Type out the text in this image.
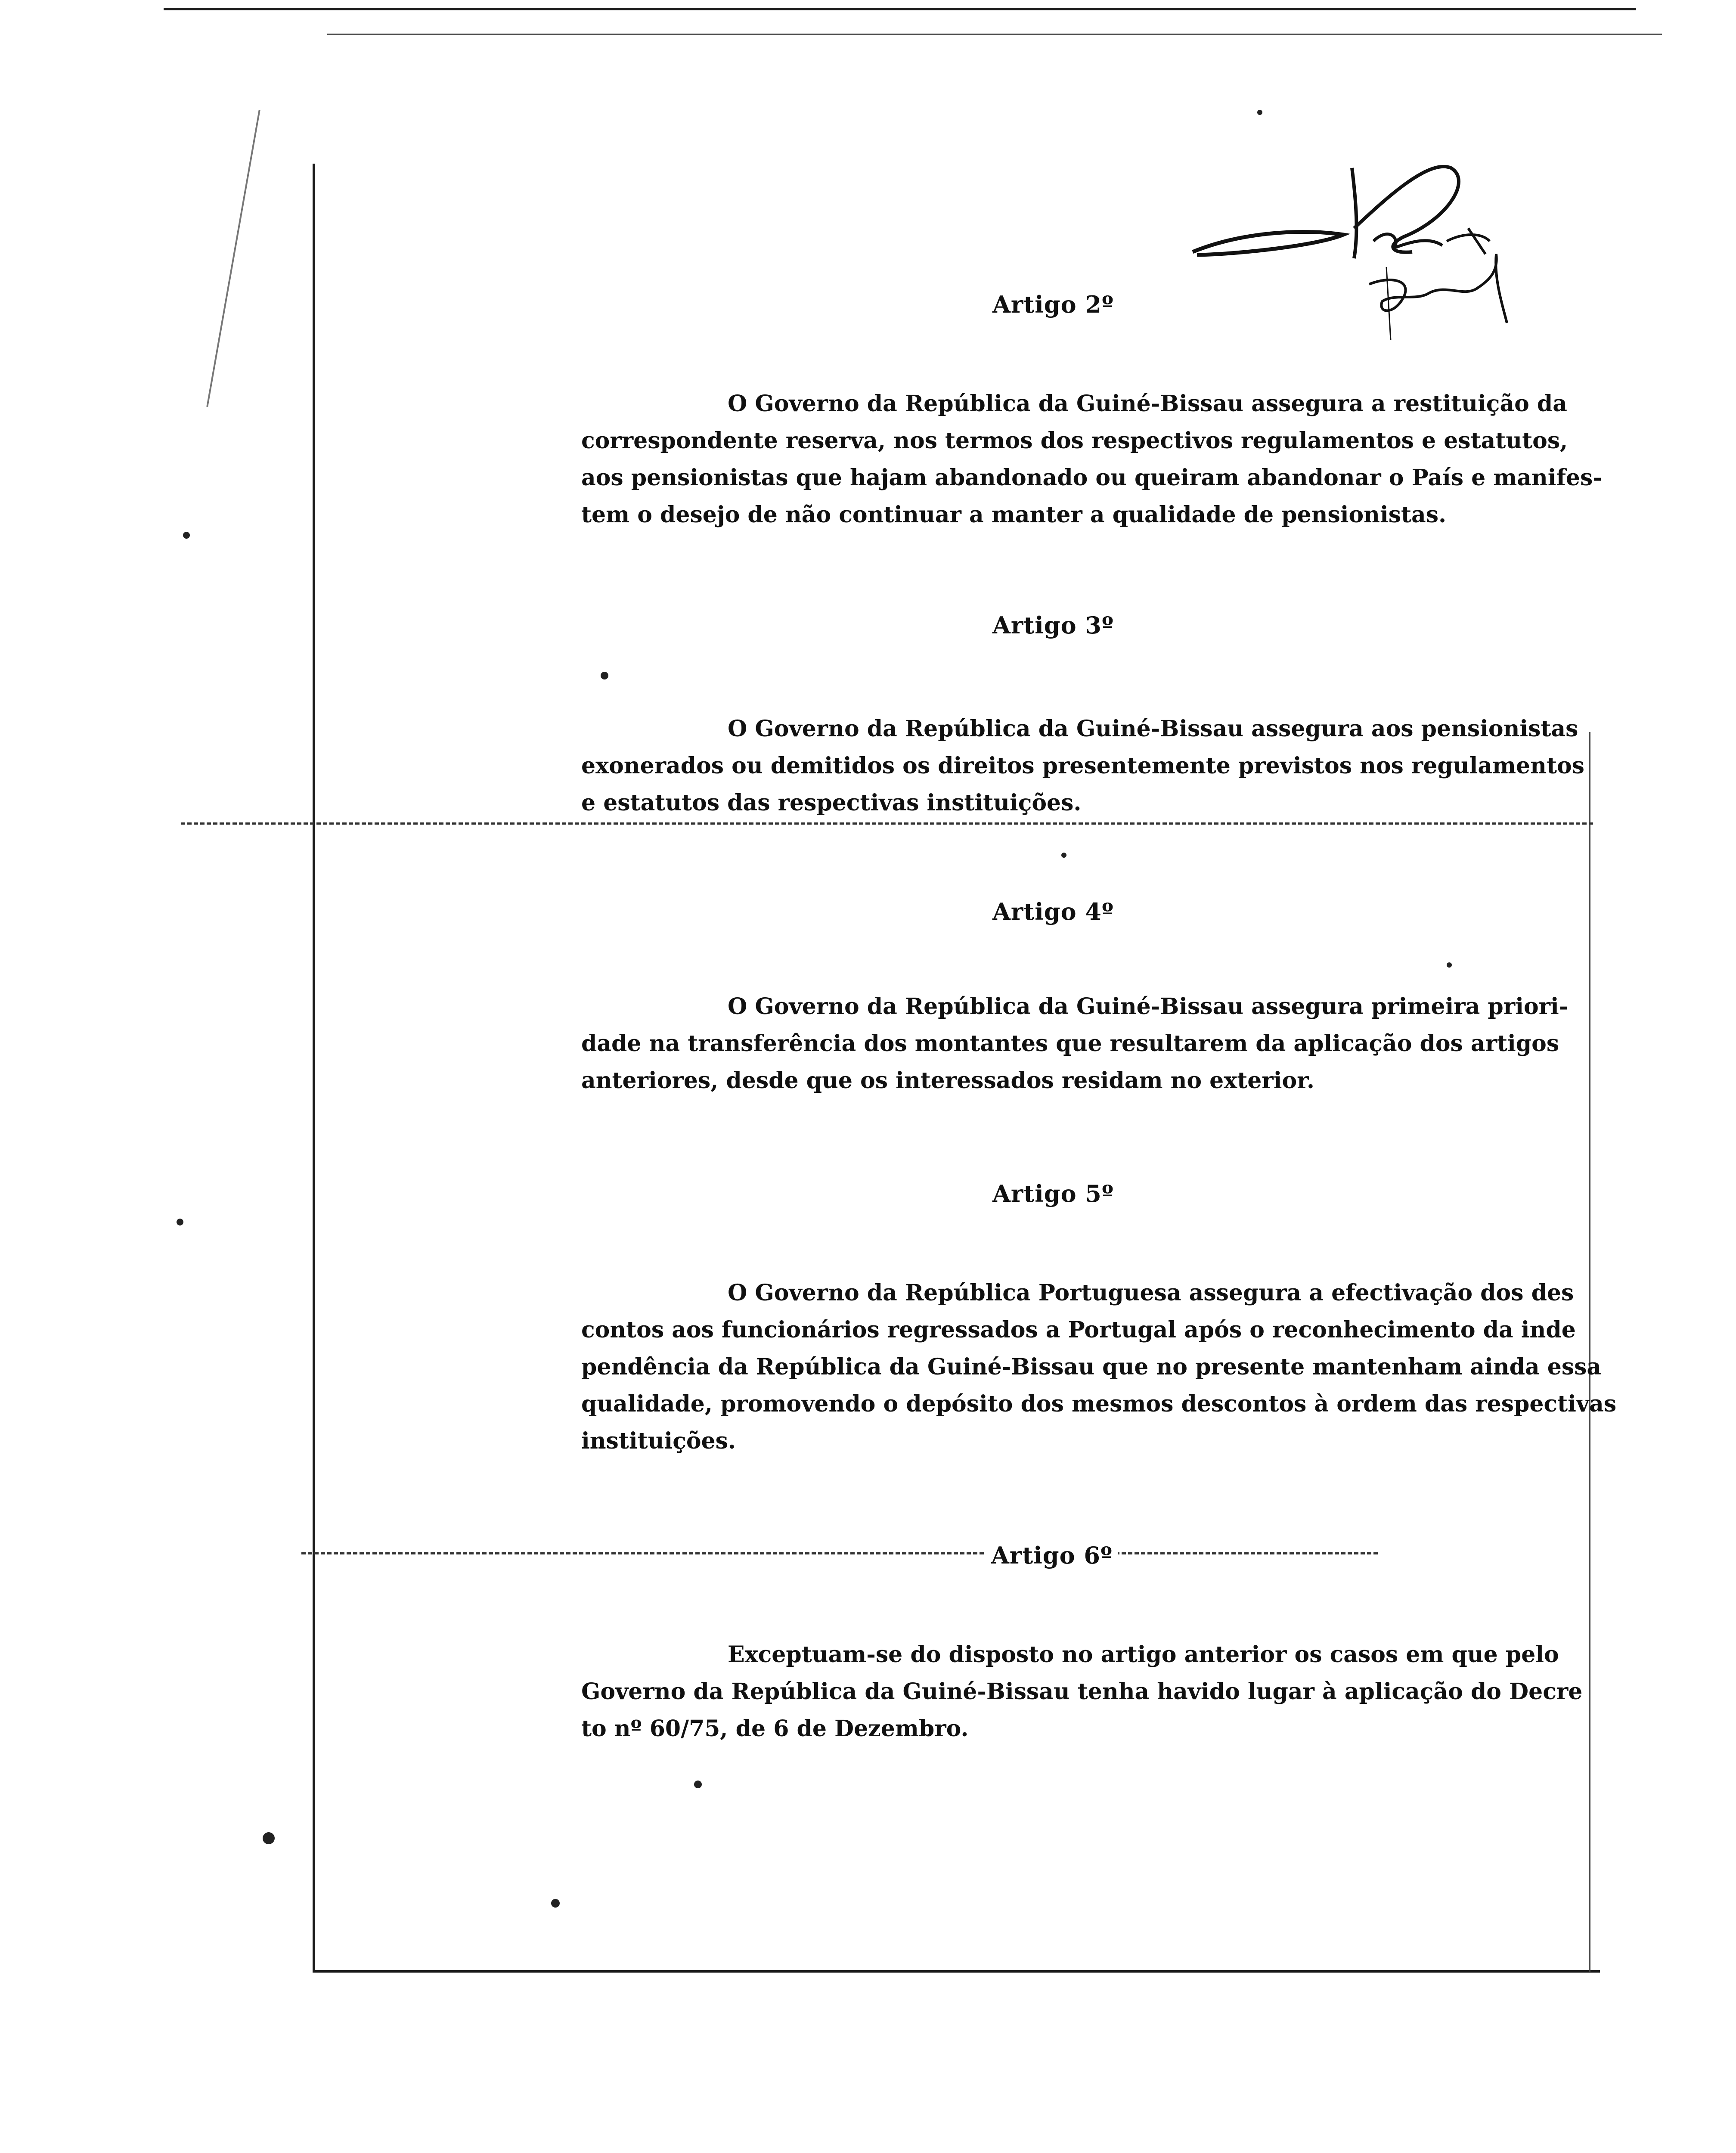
Artigo 2º
O Governo da República da Guiné-Bissau assegura a restituição da
correspondente reserva, nos termos dos respectivos regulamentos e estatutos,
aos pensionistas que hajam abandonado ou queiram abandonar o País e manifes-
tem o desejo de não continuar a manter a qualidade de pensionistas.
Artigo 3º
O Governo da República da Guiné-Bissau assegura aos pensionistas
exonerados ou demitidos os direitos presentemente previstos nos regulamentos
e estatutos das respectivas instituições.
Artigo 4º
O Governo da República da Guiné-Bissau assegura primeira priori-
dade na transferência dos montantes que resultarem da aplicação dos artigos
anteriores, desde que os interessados residam no exterior.
Artigo 5º
O Governo da República Portuguesa assegura a efectivação dos des
contos aos funcionários regressados a Portugal após o reconhecimento da inde
pendência da República da Guiné-Bissau que no presente mantenham ainda essa
qualidade, promovendo o depósito dos mesmos descontos à ordem das respectivas
instituições.
Artigo 6º
Exceptuam-se do disposto no artigo anterior os casos em que pelo
Governo da República da Guiné-Bissau tenha havido lugar à aplicação do Decre
to nº 60/75, de 6 de Dezembro.
